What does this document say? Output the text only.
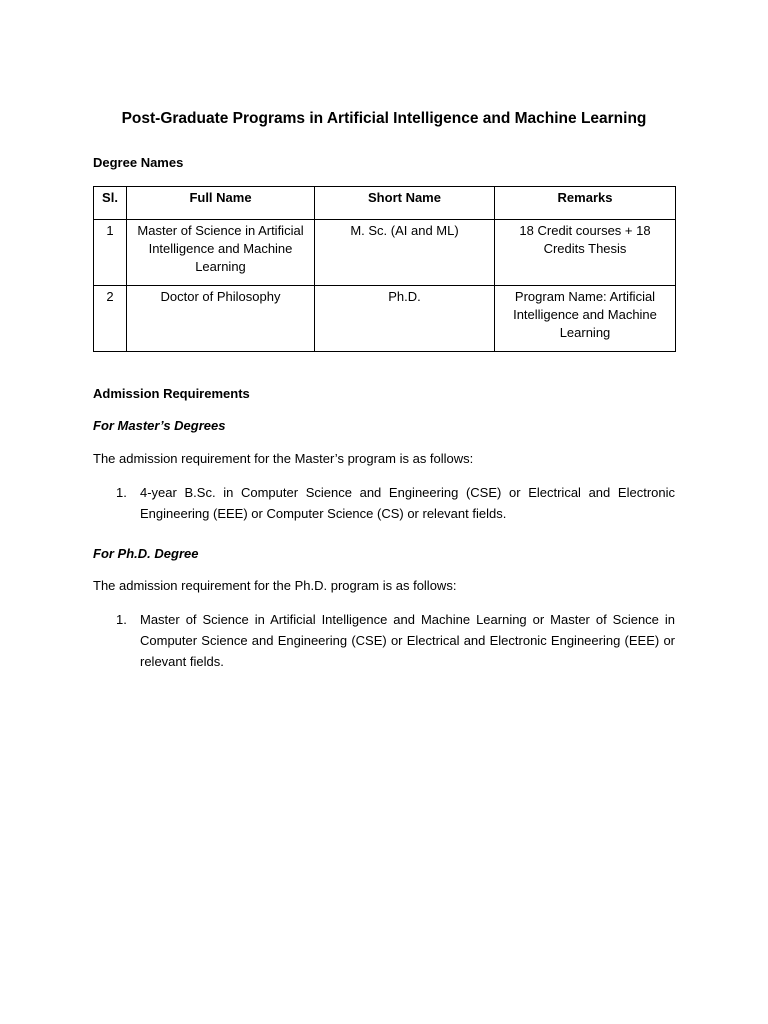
Post-Graduate Programs in Artificial Intelligence and Machine Learning
Degree Names
Sl.	Full Name	Short Name	Remarks
1	Master of Science in Artificial Intelligence and Machine Learning	M. Sc. (AI and ML)	18 Credit courses + 18 Credits Thesis
2	Doctor of Philosophy	Ph.D.	Program Name: Artificial Intelligence and Machine Learning
Admission Requirements
For Master’s Degrees
The admission requirement for the Master’s program is as follows:
1. 4-year B.Sc. in Computer Science and Engineering (CSE) or Electrical and Electronic Engineering (EEE) or Computer Science (CS) or relevant fields.
For Ph.D. Degree
The admission requirement for the Ph.D. program is as follows:
1. Master of Science in Artificial Intelligence and Machine Learning or Master of Science in Computer Science and Engineering (CSE) or Electrical and Electronic Engineering (EEE) or relevant fields.
